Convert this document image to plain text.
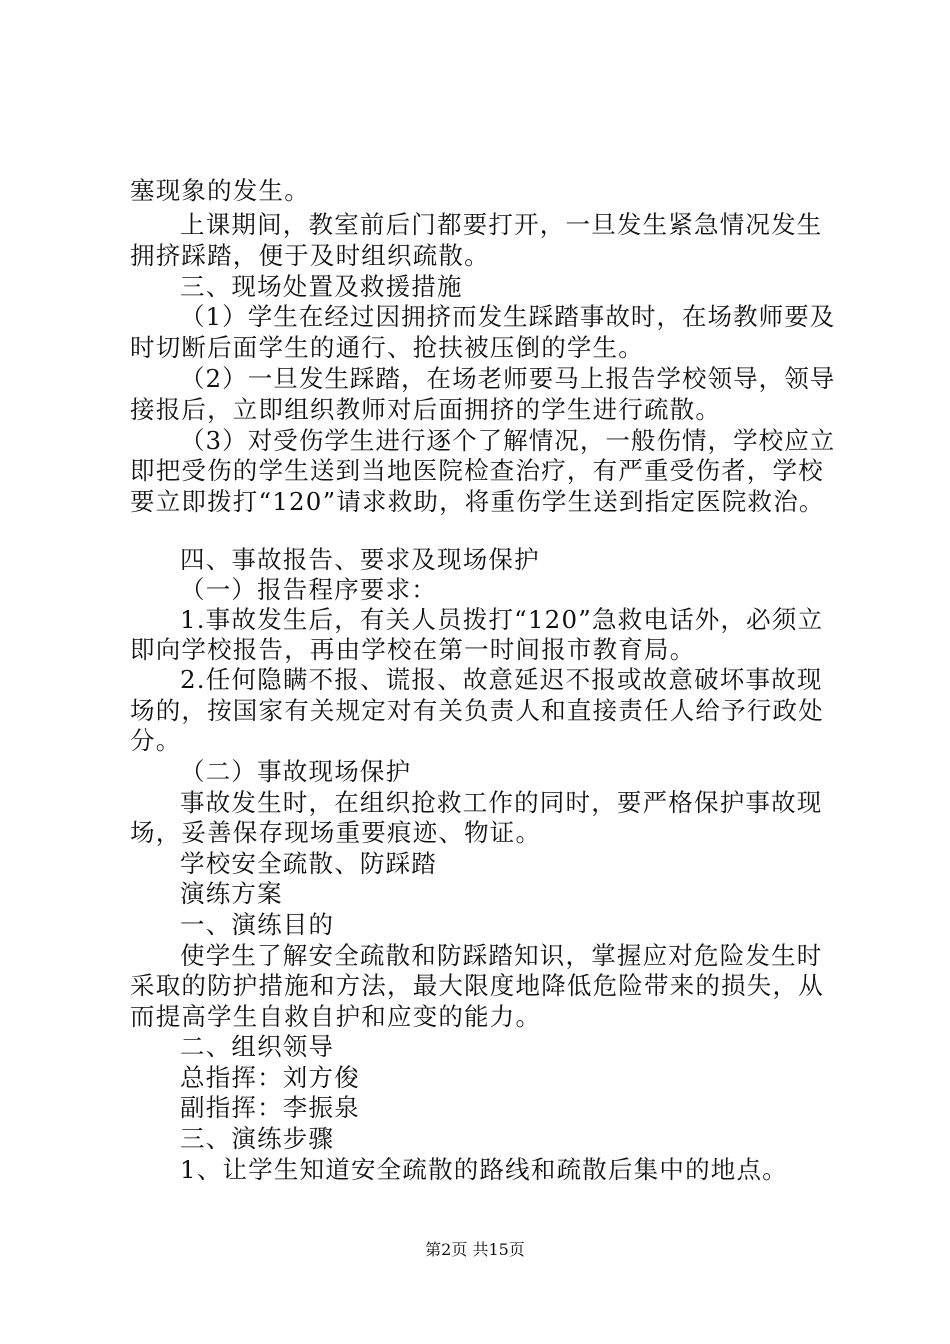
塞现象的发生。
上课期间，教室前后门都要打开，一旦发生紧急情况发生
拥挤踩踏，便于及时组织疏散。
三、现场处置及救援措施
（1）学生在经过因拥挤而发生踩踏事故时，在场教师要及
时切断后面学生的通行、抢扶被压倒的学生。
（2）一旦发生踩踏，在场老师要马上报告学校领导，领导
接报后，立即组织教师对后面拥挤的学生进行疏散。
（3）对受伤学生进行逐个了解情况，一般伤情，学校应立
即把受伤的学生送到当地医院检查治疗，有严重受伤者，学校
要立即拨打“120”请求救助，将重伤学生送到指定医院救治。
四、事故报告、要求及现场保护
（一）报告程序要求：
1.事故发生后，有关人员拨打“120”急救电话外，必须立
即向学校报告，再由学校在第一时间报市教育局。
2.任何隐瞒不报、谎报、故意延迟不报或故意破坏事故现
场的，按国家有关规定对有关负责人和直接责任人给予行政处
分。
（二）事故现场保护
事故发生时，在组织抢救工作的同时，要严格保护事故现
场，妥善保存现场重要痕迹、物证。
学校安全疏散、防踩踏
演练方案
一、演练目的
使学生了解安全疏散和防踩踏知识，掌握应对危险发生时
采取的防护措施和方法，最大限度地降低危险带来的损失，从
而提高学生自救自护和应变的能力。
二、组织领导
总指挥：刘方俊
副指挥：李振泉
三、演练步骤
1、让学生知道安全疏散的路线和疏散后集中的地点。
第2页 共15页
